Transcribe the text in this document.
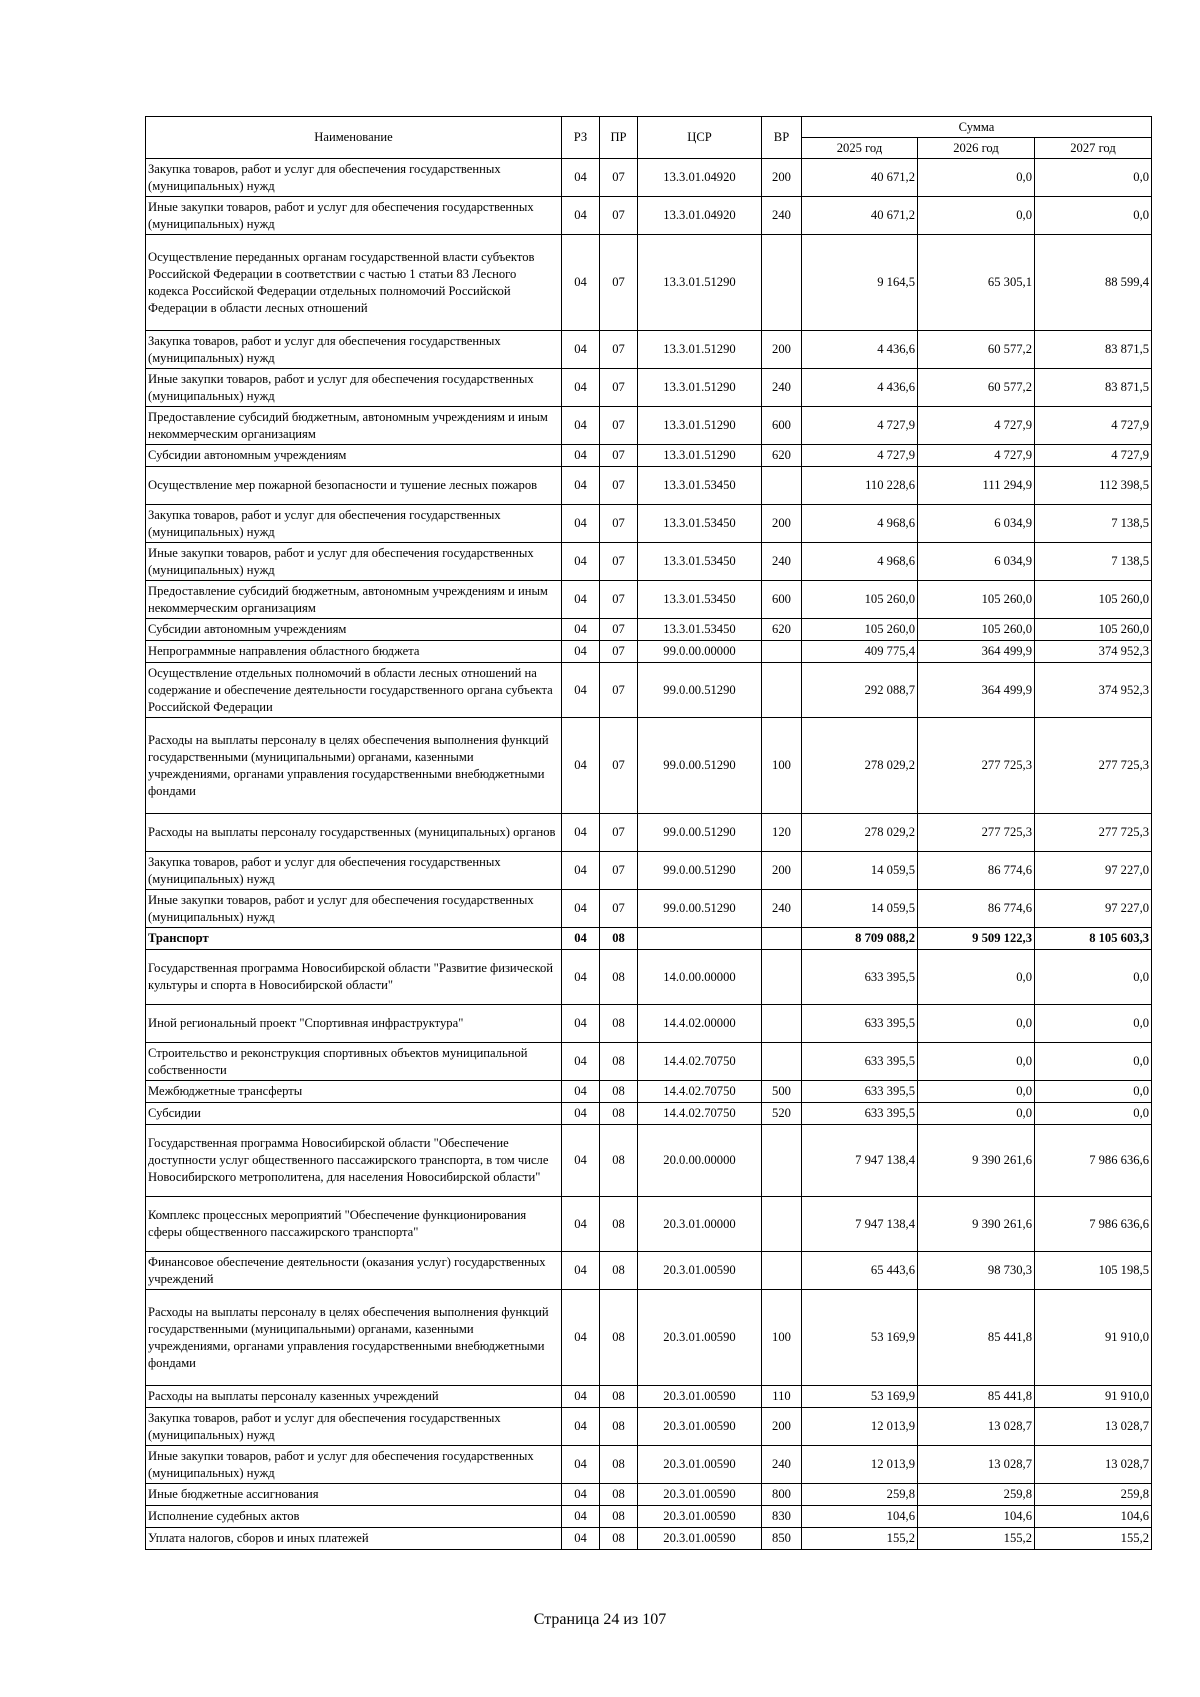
Наименование	РЗ	ПР	ЦСР	ВР	Сумма		
					2025 год	2026 год	2027 год
Закупка товаров, работ и услуг для обеспечения государственных (муниципальных) нужд	04	07	13.3.01.04920	200	40 671,2	0,0	0,0
Иные закупки товаров, работ и услуг для обеспечения государственных (муниципальных) нужд	04	07	13.3.01.04920	240	40 671,2	0,0	0,0
Осуществление переданных органам государственной власти субъектов Российской Федерации в соответствии с частью 1 статьи 83 Лесного кодекса Российской Федерации отдельных полномочий Российской Федерации в области лесных отношений	04	07	13.3.01.51290		9 164,5	65 305,1	88 599,4
Закупка товаров, работ и услуг для обеспечения государственных (муниципальных) нужд	04	07	13.3.01.51290	200	4 436,6	60 577,2	83 871,5
Иные закупки товаров, работ и услуг для обеспечения государственных (муниципальных) нужд	04	07	13.3.01.51290	240	4 436,6	60 577,2	83 871,5
Предоставление субсидий бюджетным, автономным учреждениям и иным некоммерческим организациям	04	07	13.3.01.51290	600	4 727,9	4 727,9	4 727,9
Субсидии автономным учреждениям	04	07	13.3.01.51290	620	4 727,9	4 727,9	4 727,9
Осуществление мер пожарной безопасности и тушение лесных пожаров	04	07	13.3.01.53450		110 228,6	111 294,9	112 398,5
Закупка товаров, работ и услуг для обеспечения государственных (муниципальных) нужд	04	07	13.3.01.53450	200	4 968,6	6 034,9	7 138,5
Иные закупки товаров, работ и услуг для обеспечения государственных (муниципальных) нужд	04	07	13.3.01.53450	240	4 968,6	6 034,9	7 138,5
Предоставление субсидий бюджетным, автономным учреждениям и иным некоммерческим организациям	04	07	13.3.01.53450	600	105 260,0	105 260,0	105 260,0
Субсидии автономным учреждениям	04	07	13.3.01.53450	620	105 260,0	105 260,0	105 260,0
Непрограммные направления областного бюджета	04	07	99.0.00.00000		409 775,4	364 499,9	374 952,3
Осуществление отдельных полномочий в области лесных отношений на содержание и обеспечение деятельности государственного органа субъекта Российской Федерации	04	07	99.0.00.51290		292 088,7	364 499,9	374 952,3
Расходы на выплаты персоналу в целях обеспечения выполнения функций государственными (муниципальными) органами, казенными учреждениями, органами управления государственными внебюджетными фондами	04	07	99.0.00.51290	100	278 029,2	277 725,3	277 725,3
Расходы на выплаты персоналу государственных (муниципальных) органов	04	07	99.0.00.51290	120	278 029,2	277 725,3	277 725,3
Закупка товаров, работ и услуг для обеспечения государственных (муниципальных) нужд	04	07	99.0.00.51290	200	14 059,5	86 774,6	97 227,0
Иные закупки товаров, работ и услуг для обеспечения государственных (муниципальных) нужд	04	07	99.0.00.51290	240	14 059,5	86 774,6	97 227,0
Транспорт	04	08			8 709 088,2	9 509 122,3	8 105 603,3
Государственная программа Новосибирской области "Развитие физической культуры и спорта в Новосибирской области"	04	08	14.0.00.00000		633 395,5	0,0	0,0
Иной региональный проект "Спортивная инфраструктура"	04	08	14.4.02.00000		633 395,5	0,0	0,0
Строительство и реконструкция спортивных объектов муниципальной собственности	04	08	14.4.02.70750		633 395,5	0,0	0,0
Межбюджетные трансферты	04	08	14.4.02.70750	500	633 395,5	0,0	0,0
Субсидии	04	08	14.4.02.70750	520	633 395,5	0,0	0,0
Государственная программа Новосибирской области "Обеспечение доступности услуг общественного пассажирского транспорта, в том числе Новосибирского метрополитена, для населения Новосибирской области"	04	08	20.0.00.00000		7 947 138,4	9 390 261,6	7 986 636,6
Комплекс процессных мероприятий "Обеспечение функционирования сферы общественного пассажирского транспорта"	04	08	20.3.01.00000		7 947 138,4	9 390 261,6	7 986 636,6
Финансовое обеспечение деятельности (оказания услуг) государственных учреждений	04	08	20.3.01.00590		65 443,6	98 730,3	105 198,5
Расходы на выплаты персоналу в целях обеспечения выполнения функций государственными (муниципальными) органами, казенными учреждениями, органами управления государственными внебюджетными фондами	04	08	20.3.01.00590	100	53 169,9	85 441,8	91 910,0
Расходы на выплаты персоналу казенных учреждений	04	08	20.3.01.00590	110	53 169,9	85 441,8	91 910,0
Закупка товаров, работ и услуг для обеспечения государственных (муниципальных) нужд	04	08	20.3.01.00590	200	12 013,9	13 028,7	13 028,7
Иные закупки товаров, работ и услуг для обеспечения государственных (муниципальных) нужд	04	08	20.3.01.00590	240	12 013,9	13 028,7	13 028,7
Иные бюджетные ассигнования	04	08	20.3.01.00590	800	259,8	259,8	259,8
Исполнение судебных актов	04	08	20.3.01.00590	830	104,6	104,6	104,6
Уплата налогов, сборов и иных платежей	04	08	20.3.01.00590	850	155,2	155,2	155,2
Страница 24 из 107
